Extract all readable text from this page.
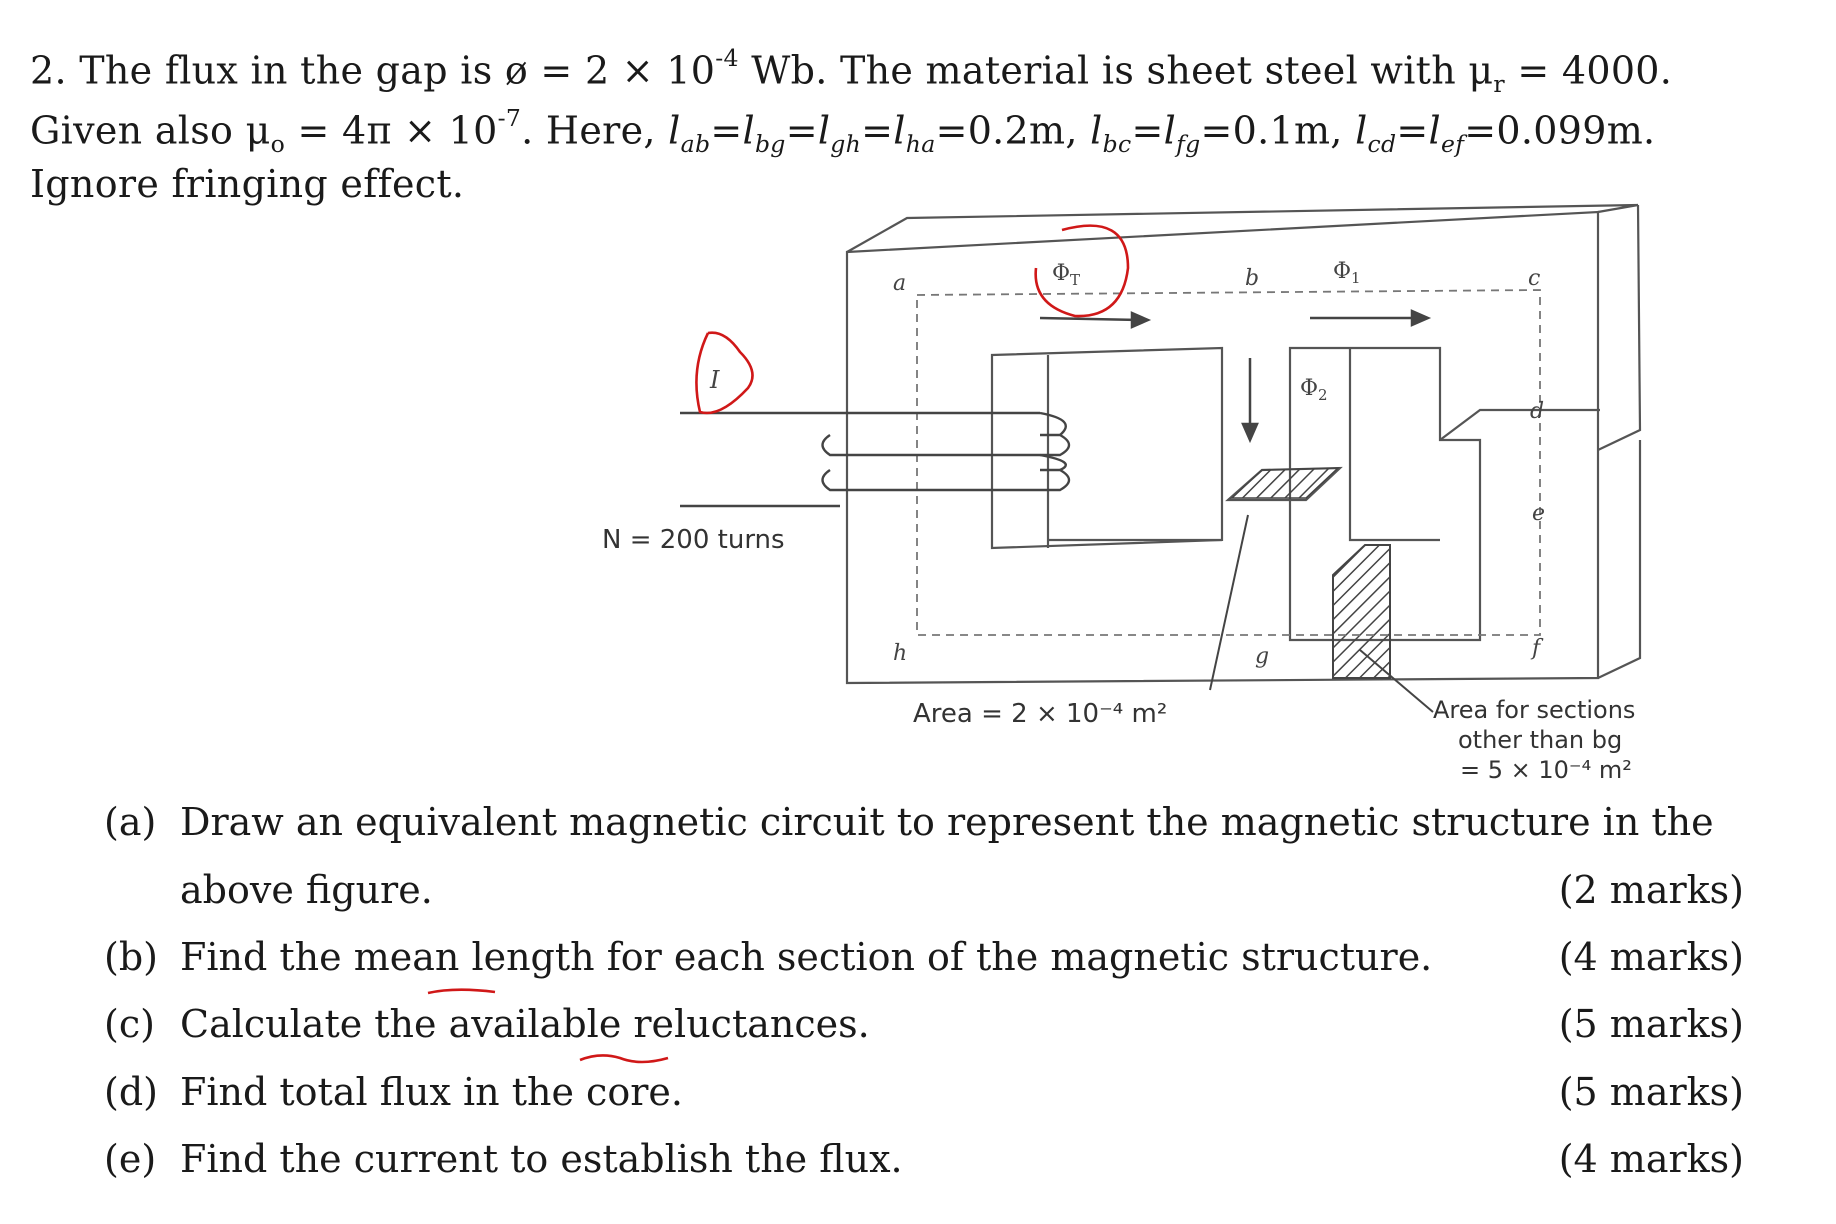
2. The flux in the gap is ø = $2 \times 10^{-4}$ Wb. The material is sheet steel with $\mu_r = 4000$.
Given also $\mu_o = 4\pi \times 10^{-7}$. Here, $l_{ab}=l_{bg}=l_{gh}=l_{ha}=0.2m$, $l_{bc}=l_{fg}=0.1m$, $l_{cd}=l_{ef}=0.099m$.
Ignore fringing effect.
a	b	c
d
e
f
g
h
$\Phi_T$	$\Phi_1$
$\Phi_2$
I
N = 200 turns
Area = 2 × 10⁻⁴ m²	Area for sections
other than bg
= 5 × 10⁻⁴ m²
(a) Draw an equivalent magnetic circuit to represent the magnetic structure in the
above figure.	(2 marks)
(b) Find the mean length for each section of the magnetic structure.	(4 marks)
(c) Calculate the available reluctances.	(5 marks)
(d) Find total flux in the core.	(5 marks)
(e) Find the current to establish the flux.	(4 marks)
